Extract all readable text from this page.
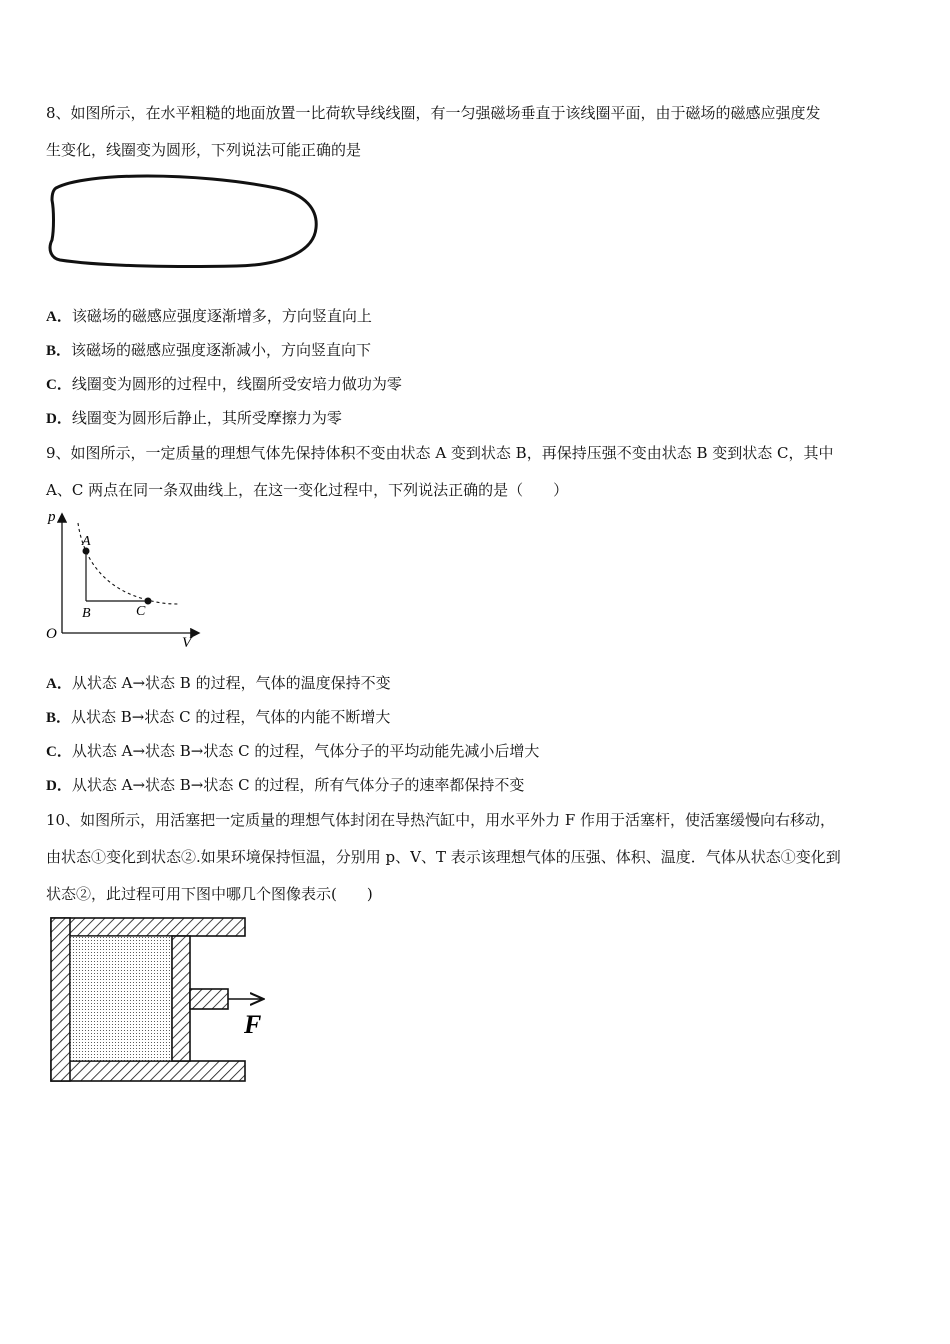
8、如图所示，在水平粗糙的地面放置一比荷软导线线圈，有一匀强磁场垂直于该线圈平面，由于磁场的磁感应强度发
生变化，线圈变为圆形，下列说法可能正确的是
A．该磁场的磁感应强度逐渐增多，方向竖直向上
B．该磁场的磁感应强度逐渐减小，方向竖直向下
C．线圈变为圆形的过程中，线圈所受安培力做功为零
D．线圈变为圆形后静止，其所受摩擦力为零
9、如图所示，一定质量的理想气体先保持体积不变由状态 A 变到状态 B，再保持压强不变由状态 B 变到状态 C，其中
A、C 两点在同一条双曲线上，在这一变化过程中，下列说法正确的是（　　）
p
V
O
A
B	C
A．从状态 A→状态 B 的过程，气体的温度保持不变
B．从状态 B→状态 C 的过程，气体的内能不断增大
C．从状态 A→状态 B→状态 C 的过程，气体分子的平均动能先减小后增大
D．从状态 A→状态 B→状态 C 的过程，所有气体分子的速率都保持不变
10、如图所示，用活塞把一定质量的理想气体封闭在导热汽缸中，用水平外力 F 作用于活塞杆，使活塞缓慢向右移动，
由状态①变化到状态②.如果环境保持恒温，分别用 p、V、T 表示该理想气体的压强、体积、温度．气体从状态①变化到
状态②，此过程可用下图中哪几个图像表示(　　)
F
